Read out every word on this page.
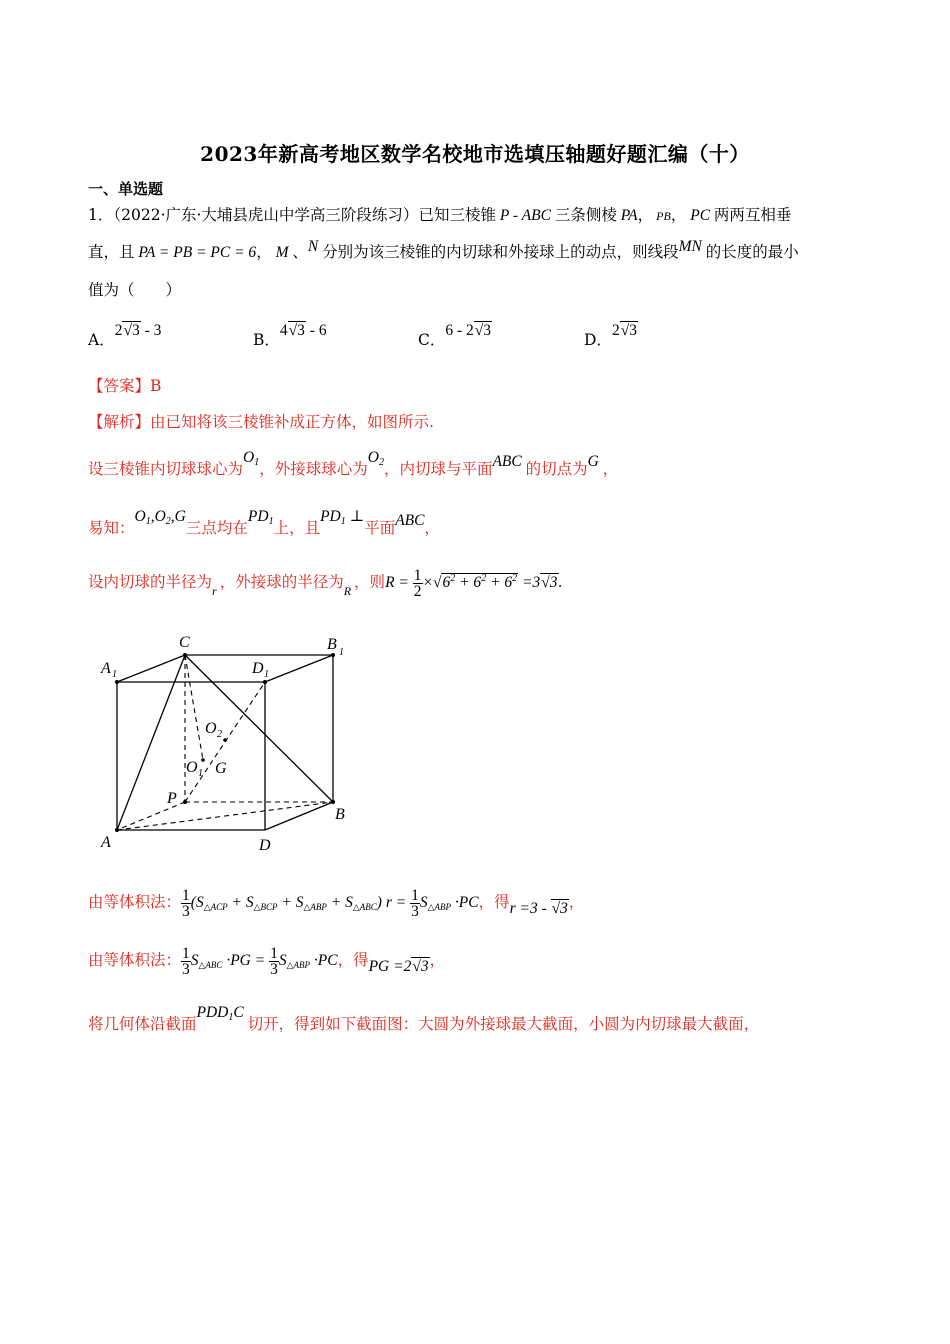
2023年新高考地区数学名校地市选填压轴题好题汇编（十）
一、单选题
1．（2022·广东·大埔县虎山中学高三阶段练习）已知三棱锥 P - ABC 三条侧棱 PA， PB， PC 两两互相垂
直，且 PA = PB = PC = 6， M 、N 分别为该三棱锥的内切球和外接球上的动点，则线段MN 的长度的最小
值为（　　）
A．2√3 - 3
B．4√3 - 6
C．6 - 2√3
D．2√3
【答案】B
【解析】由已知将该三棱锥补成正方体，如图所示.
设三棱锥内切球球心为$O_1$，外接球球心为$O_2$，内切球与平面ABC 的切点为G ，
易知：$O_1,O_2,G$三点均在$PD_1$上，且$PD_1$ ⊥平面ABC，
设内切球的半径为$_r$ ，外接球的半径为$_R$ ，则$R = \frac{1}{2} \times√6^2 + 6^2 + 6^2 =3√3$.
C	B 1
A 1	D 1
O 2
O 1 G
P
B
A	D
由等体积法： $\frac{1}{3}$ (S△ACP + S△BCP + S△ABP + S△ABC) $r = \frac{1}{3}$ S△ABP ·PC，得r =3 - √3，
由等体积法： $\frac{1}{3}$ S△ABC $\cdot PG = \frac{1}{3}$ S△ABP ·PC，得PG =2√3，
将几何体沿截面$PDD_1C$ 切开，得到如下截面图：大圆为外接球最大截面，小圆为内切球最大截面，
